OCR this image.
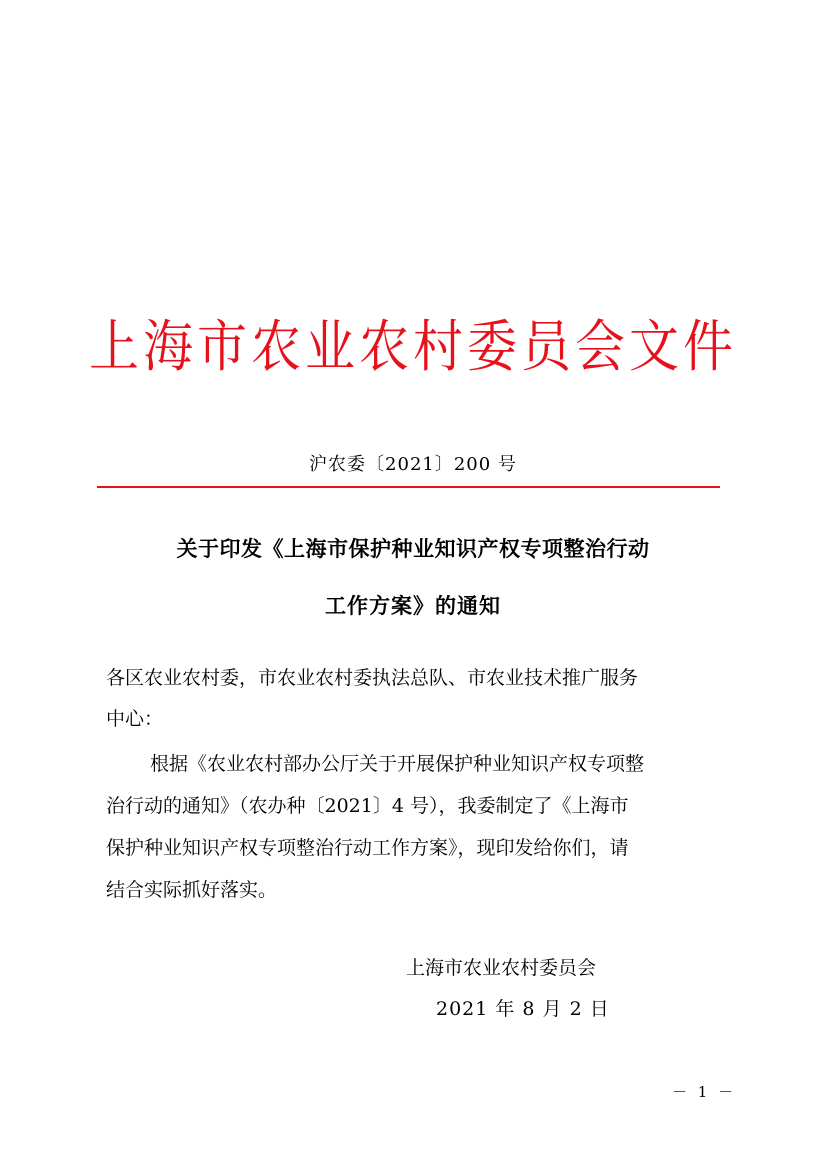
上海市农业农村委员会文件
沪农委〔2021〕200 号
关于印发《上海市保护种业知识产权专项整治行动
工作方案》的通知
各区农业农村委，市农业农村委执法总队、市农业技术推广服务
中心：
根据《农业农村部办公厅关于开展保护种业知识产权专项整
治行动的通知》（农办种〔2021〕4 号），我委制定了《上海市
保护种业知识产权专项整治行动工作方案》，现印发给你们，请
结合实际抓好落实。
上海市农业农村委员会
2021 年 8 月 2 日
－ 1 －
